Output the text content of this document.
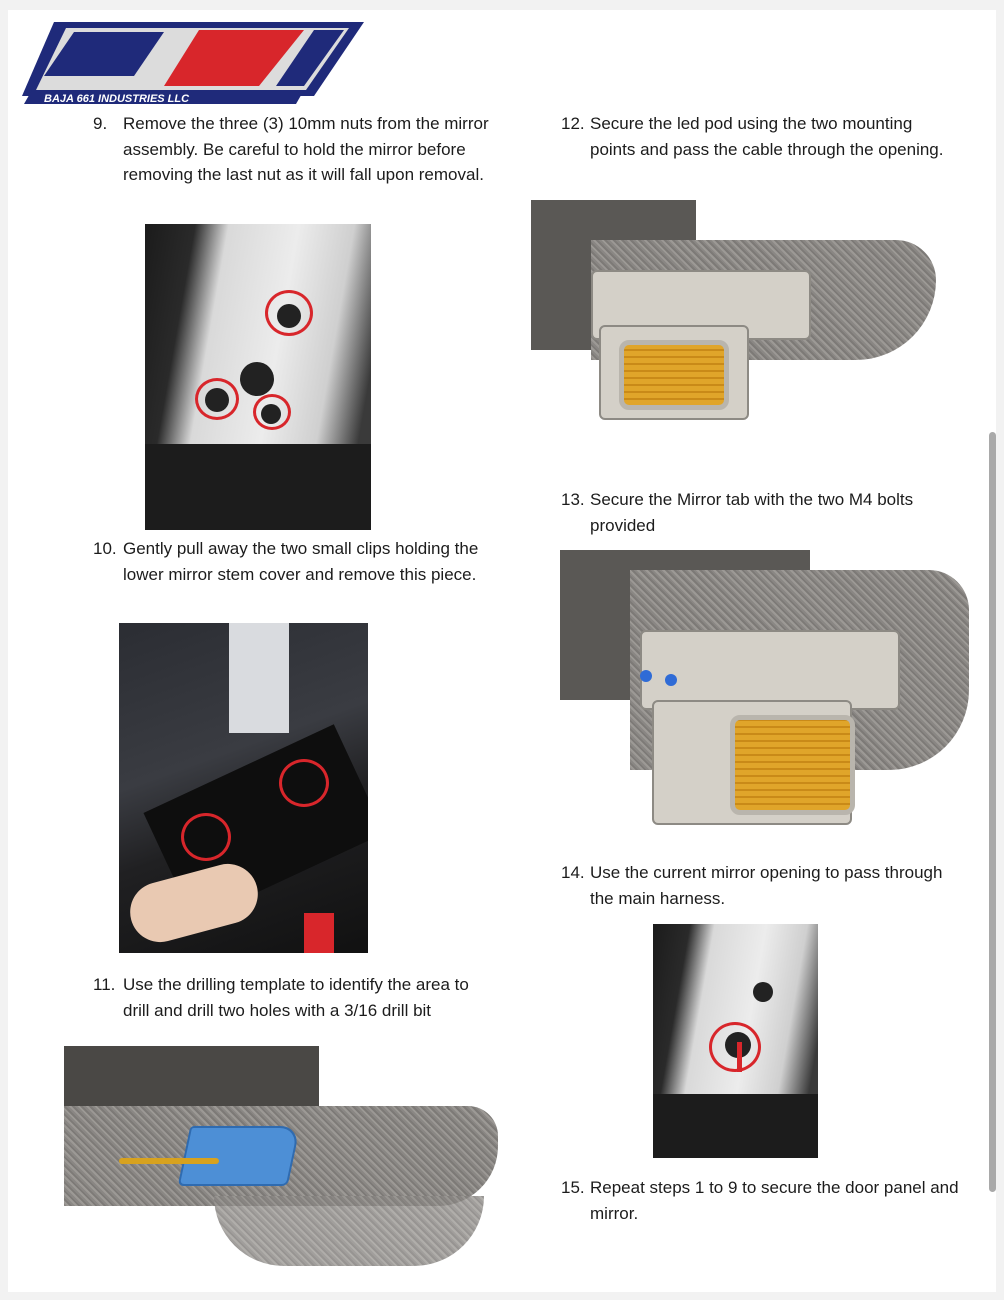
BAJA 661 INDUSTRIES LLC
9. Remove the three (3) 10mm nuts from the mirror assembly. Be careful to hold the mirror before removing the last nut as it will fall upon removal.
10. Gently pull away the two small clips holding the lower mirror stem cover and remove this piece.
11. Use the drilling template to identify the area to drill and drill two holes with a 3/16 drill bit
12. Secure the led pod using the two mounting points and pass the cable through the opening.
13. Secure the Mirror tab with the two M4 bolts provided
14. Use the current mirror opening to pass through the main harness.
15. Repeat steps 1 to 9 to secure the door panel and mirror.
